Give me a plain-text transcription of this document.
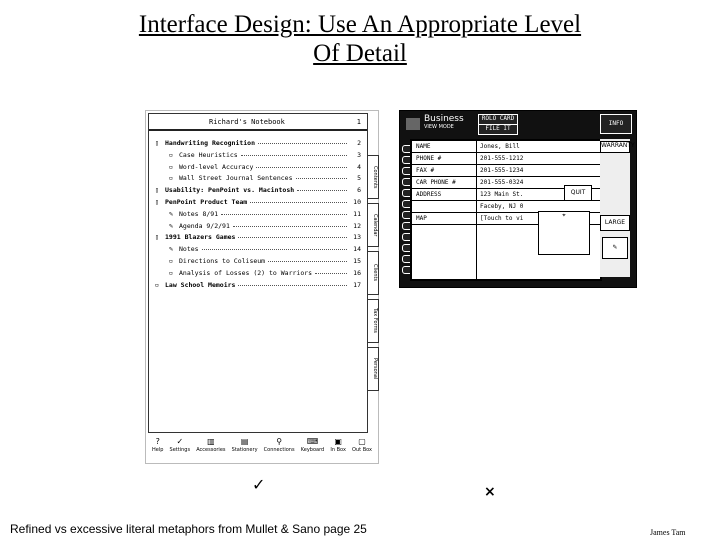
Interface Design: Use An Appropriate Level
Of Detail
Richard's Notebook	1
▯ Handwriting Recognition	2
▫ Case Heuristics	3
▫ Word-level Accuracy	4
▫ Wall Street Journal Sentences	5
▯ Usability: PenPoint vs. Macintosh	6
▯ PenPoint Product Team	10
✎ Notes 8/91	11
✎ Agenda 9/2/91	12
▯ 1991 Blazers Games	13
✎ Notes	14
▫ Directions to Coliseum	15
▫ Analysis of Losses (2) to Warriors	16
▫ Law School Memoirs	17
Contents
Calendar
Clients
Tax Forms
Personal
?
Help
✓
Settings
▥
Accessories
▤
Stationery
⚲
Connections
⌨
Keyboard
▣
In Box
▢
Out Box
Business
VIEW MODE
ROLO CARD
FILE IT
INFO
NAME	Jones, Bill
PHONE #	201-555-1212
FAX #	201-555-1234
CAR PHONE #	201-555-0324
ADDRESS	123 Main St.
Faceby, NJ 0
MAP	[Touch to vi
WARRANTY
LARGE
✎
QUIT
⌖
✓	×
Refined vs excessive literal metaphors from Mullet & Sano page 25	James Tam
